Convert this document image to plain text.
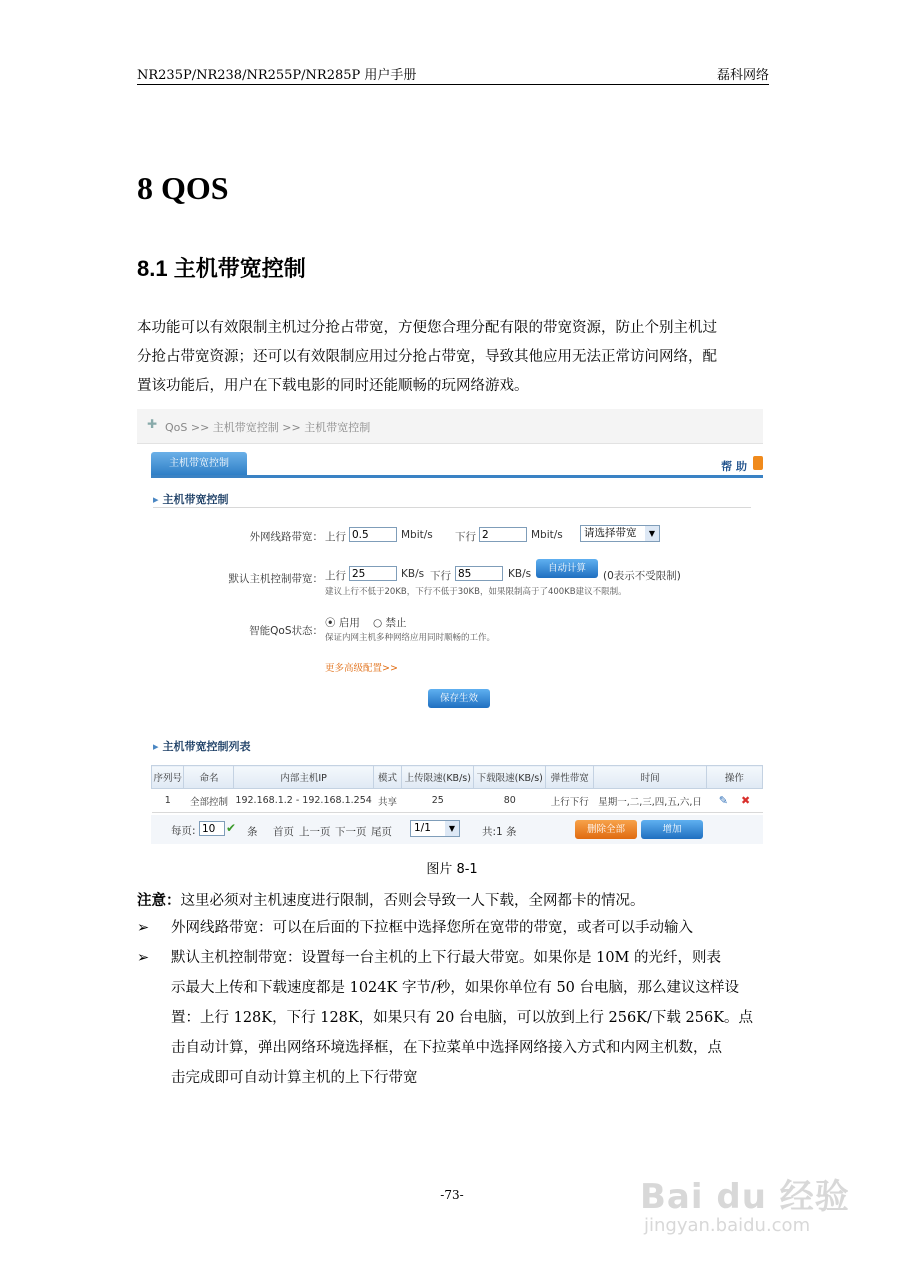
NR235P/NR238/NR255P/NR285P 用户手册	磊科网络
8 QOS
8.1 主机带宽控制
本功能可以有效限制主机过分抢占带宽，方便您合理分配有限的带宽资源，防止个别主机过
分抢占带宽资源；还可以有效限制应用过分抢占带宽，导致其他应用无法正常访问网络，配
置该功能后，用户在下载电影的同时还能顺畅的玩网络游戏。
✚ QoS >> 主机带宽控制 >> 主机带宽控制
主机带宽控制	帮 助
▸ 主机带宽控制
外网线路带宽： 上行 0.5	Mbit/s 下行 2	Mbit/s	请选择带宽	▼
默认主机控制带宽： 上行 25	KB/s 下行 85	KB/s	自动计算
(0表示不受限制)
建议上行不低于20KB，下行不低于30KB，如果限制高于了400KB建议不限制。
智能QoS状态：
⦿ 启用 ○ 禁止
保证内网主机多种网络应用同时顺畅的工作。
更多高级配置>>
保存生效
▸ 主机带宽控制列表
序列号	命名	内部主机IP	模式	上传限速(KB/s)	下载限速(KB/s)	弹性带宽	时间	操作
1	全部控制	192.168.1.2 - 192.168.1.254	共享	25	80	上行下行	星期一,二,三,四,五,六,日	✎ ✖
每页: 10 ✔ 条 首页 上一页 下一页 尾页	1/1	▼	共:1 条	删除全部	增加
图片 8-1
注意：这里必须对主机速度进行限制，否则会导致一人下载，全网都卡的情况。
➢ 外网线路带宽：可以在后面的下拉框中选择您所在宽带的带宽，或者可以手动输入
➢ 默认主机控制带宽：设置每一台主机的上下行最大带宽。如果你是 10M 的光纤，则表
示最大上传和下载速度都是 1024K 字节/秒，如果你单位有 50 台电脑，那么建议这样设
置：上行 128K，下行 128K，如果只有 20 台电脑，可以放到上行 256K/下载 256K。点
击自动计算，弹出网络环境选择框，在下拉菜单中选择网络接入方式和内网主机数，点
击完成即可自动计算主机的上下行带宽
-73-	Bai du 经验
jingyan.baidu.com
